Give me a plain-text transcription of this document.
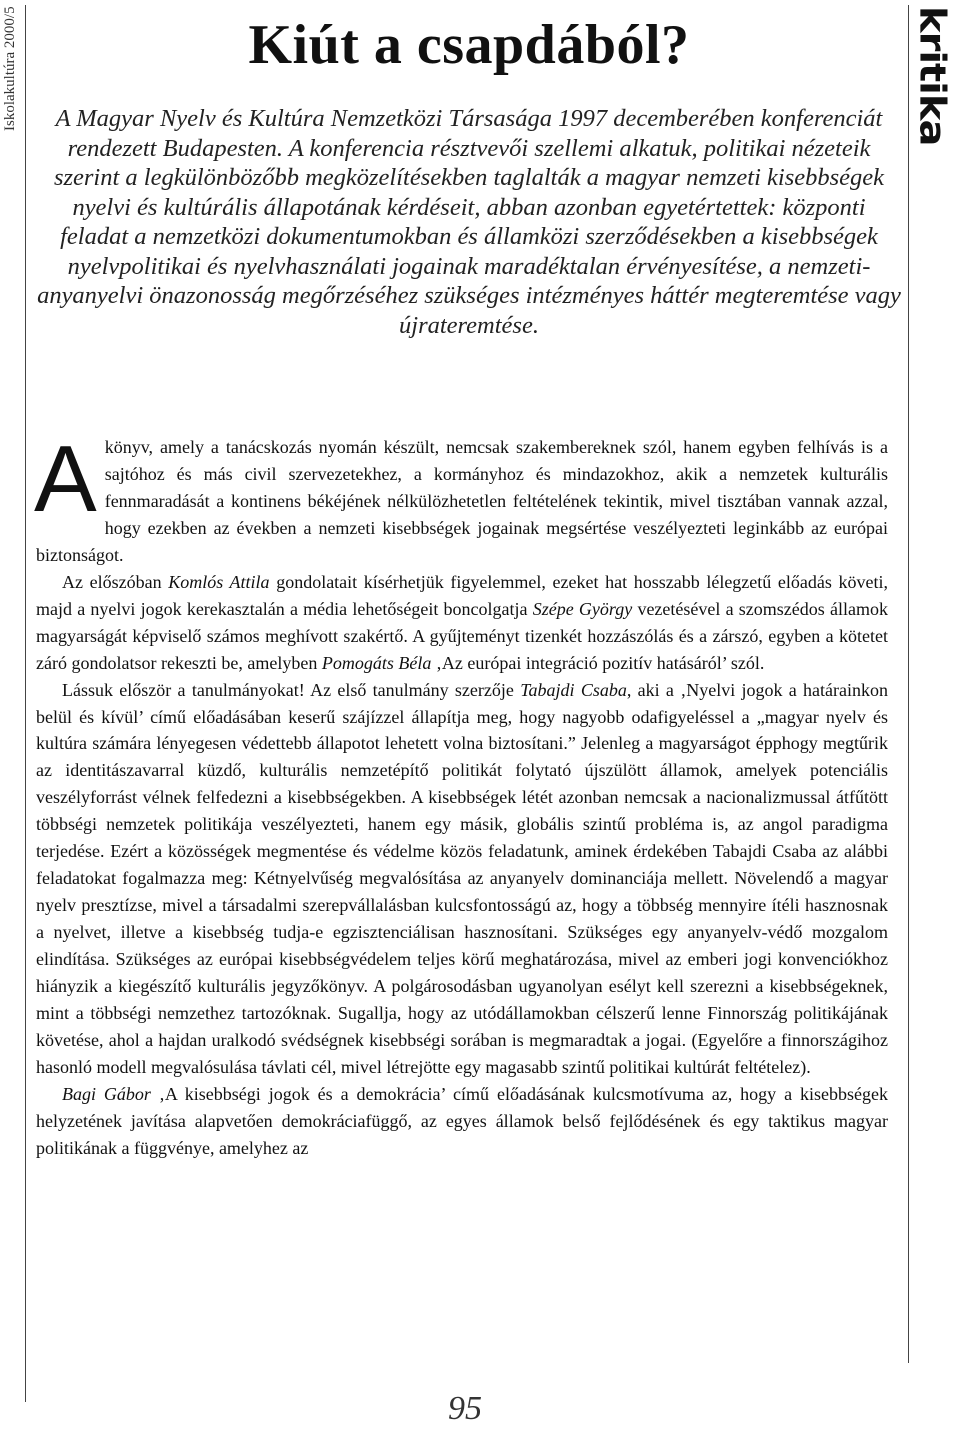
Iskolakultúra 2000/5	kritika
Kiút a csapdából?

A Magyar Nyelv és Kultúra Nemzetközi Társasága 1997 decemberében konferenciát rendezett Budapesten. A konferencia résztvevői szellemi alkatuk, politikai nézeteik szerint a legkülönbözőbb megközelítésekben taglalták a magyar nemzeti kisebbségek nyelvi és kultúrális állapotának kérdéseit, abban azonban egyetértettek: központi feladat a nemzetközi dokumentumokban és államközi szerződésekben a kisebbségek nyelvpolitikai és nyelvhasználati jogainak maradéktalan érvényesítése, a nemzeti-anyanyelvi önazonosság megőrzéséhez szükséges intézményes háttér megteremtése vagy újrateremtése.

Akönyv, amely a tanácskozás nyomán készült, nemcsak szakembereknek szól, hanem egyben felhívás is a sajtóhoz és más civil szervezetekhez, a kormányhoz és mindazokhoz, akik a nemzetek kulturális fennmaradását a kontinens békéjének nélkülözhetetlen feltételének tekintik, mivel tisztában vannak azzal, hogy ezekben az években a nemzeti kisebbségek jogainak megsértése veszélyezteti leginkább az európai biztonságot.

Az előszóban Komlós Attila gondolatait kísérhetjük figyelemmel, ezeket hat hosszabb lélegzetű előadás követi, majd a nyelvi jogok kerekasztalán a média lehetőségeit boncolgatja Szépe György vezetésével a szomszédos államok magyarságát képviselő számos meghívott szakértő. A gyűjteményt tizenkét hozzászólás és a zárszó, egyben a kötetet záró gondolatsor rekeszti be, amelyben Pomogáts Béla ‚Az európai integráció pozitív hatásáról’ szól.

Lássuk először a tanulmányokat! Az első tanulmány szerzője Tabajdi Csaba, aki a ‚Nyelvi jogok a határainkon belül és kívül’ című előadásában keserű szájízzel állapítja meg, hogy nagyobb odafigyeléssel a „magyar nyelv és kultúra számára lényegesen védettebb állapotot lehetett volna biztosítani.” Jelenleg a magyarságot épphogy megtűrik az identitászavarral küzdő, kulturális nemzetépítő politikát folytató újszülött államok, amelyek potenciális veszélyforrást vélnek felfedezni a kisebbségekben. A kisebbségek létét azonban nemcsak a nacionalizmussal átfűtött többségi nemzetek politikája veszélyezteti, hanem egy másik, globális szintű probléma is, az angol paradigma terjedése. Ezért a közösségek megmentése és védelme közös feladatunk, aminek érdekében Tabajdi Csaba az alábbi feladatokat fogalmazza meg: Kétnyelvűség megvalósítása az anyanyelv dominanciája mellett. Növelendő a magyar nyelv presztízse, mivel a társadalmi szerepvállalásban kulcsfontosságú az, hogy a többség mennyire ítéli hasznosnak a nyelvet, illetve a kisebbség tudja-e egzisztenciálisan hasznosítani. Szükséges egy anyanyelv-védő mozgalom elindítása. Szükséges az európai kisebbségvédelem teljes körű meghatározása, mivel az emberi jogi konvenciókhoz hiányzik a kiegészítő kulturális jegyzőkönyv. A polgárosodásban ugyanolyan esélyt kell szerezni a kisebbségeknek, mint a többségi nemzethez tartozóknak. Sugallja, hogy az utódállamokban célszerű lenne Finnország politikájának követése, ahol a hajdan uralkodó svédségnek kisebbségi sorában is megmaradtak a jogai. (Egyelőre a finnországihoz hasonló modell megvalósulása távlati cél, mivel létrejötte egy magasabb szintű politikai kultúrát feltételez).

Bagi Gábor ‚A kisebbségi jogok és a demokrácia’ című előadásának kulcsmotívuma az, hogy a kisebbségek helyzetének javítása alapvetően demokráciafüggő, az egyes államok belső fejlődésének és egy taktikus magyar politikának a függvénye, amelyhez az

95
